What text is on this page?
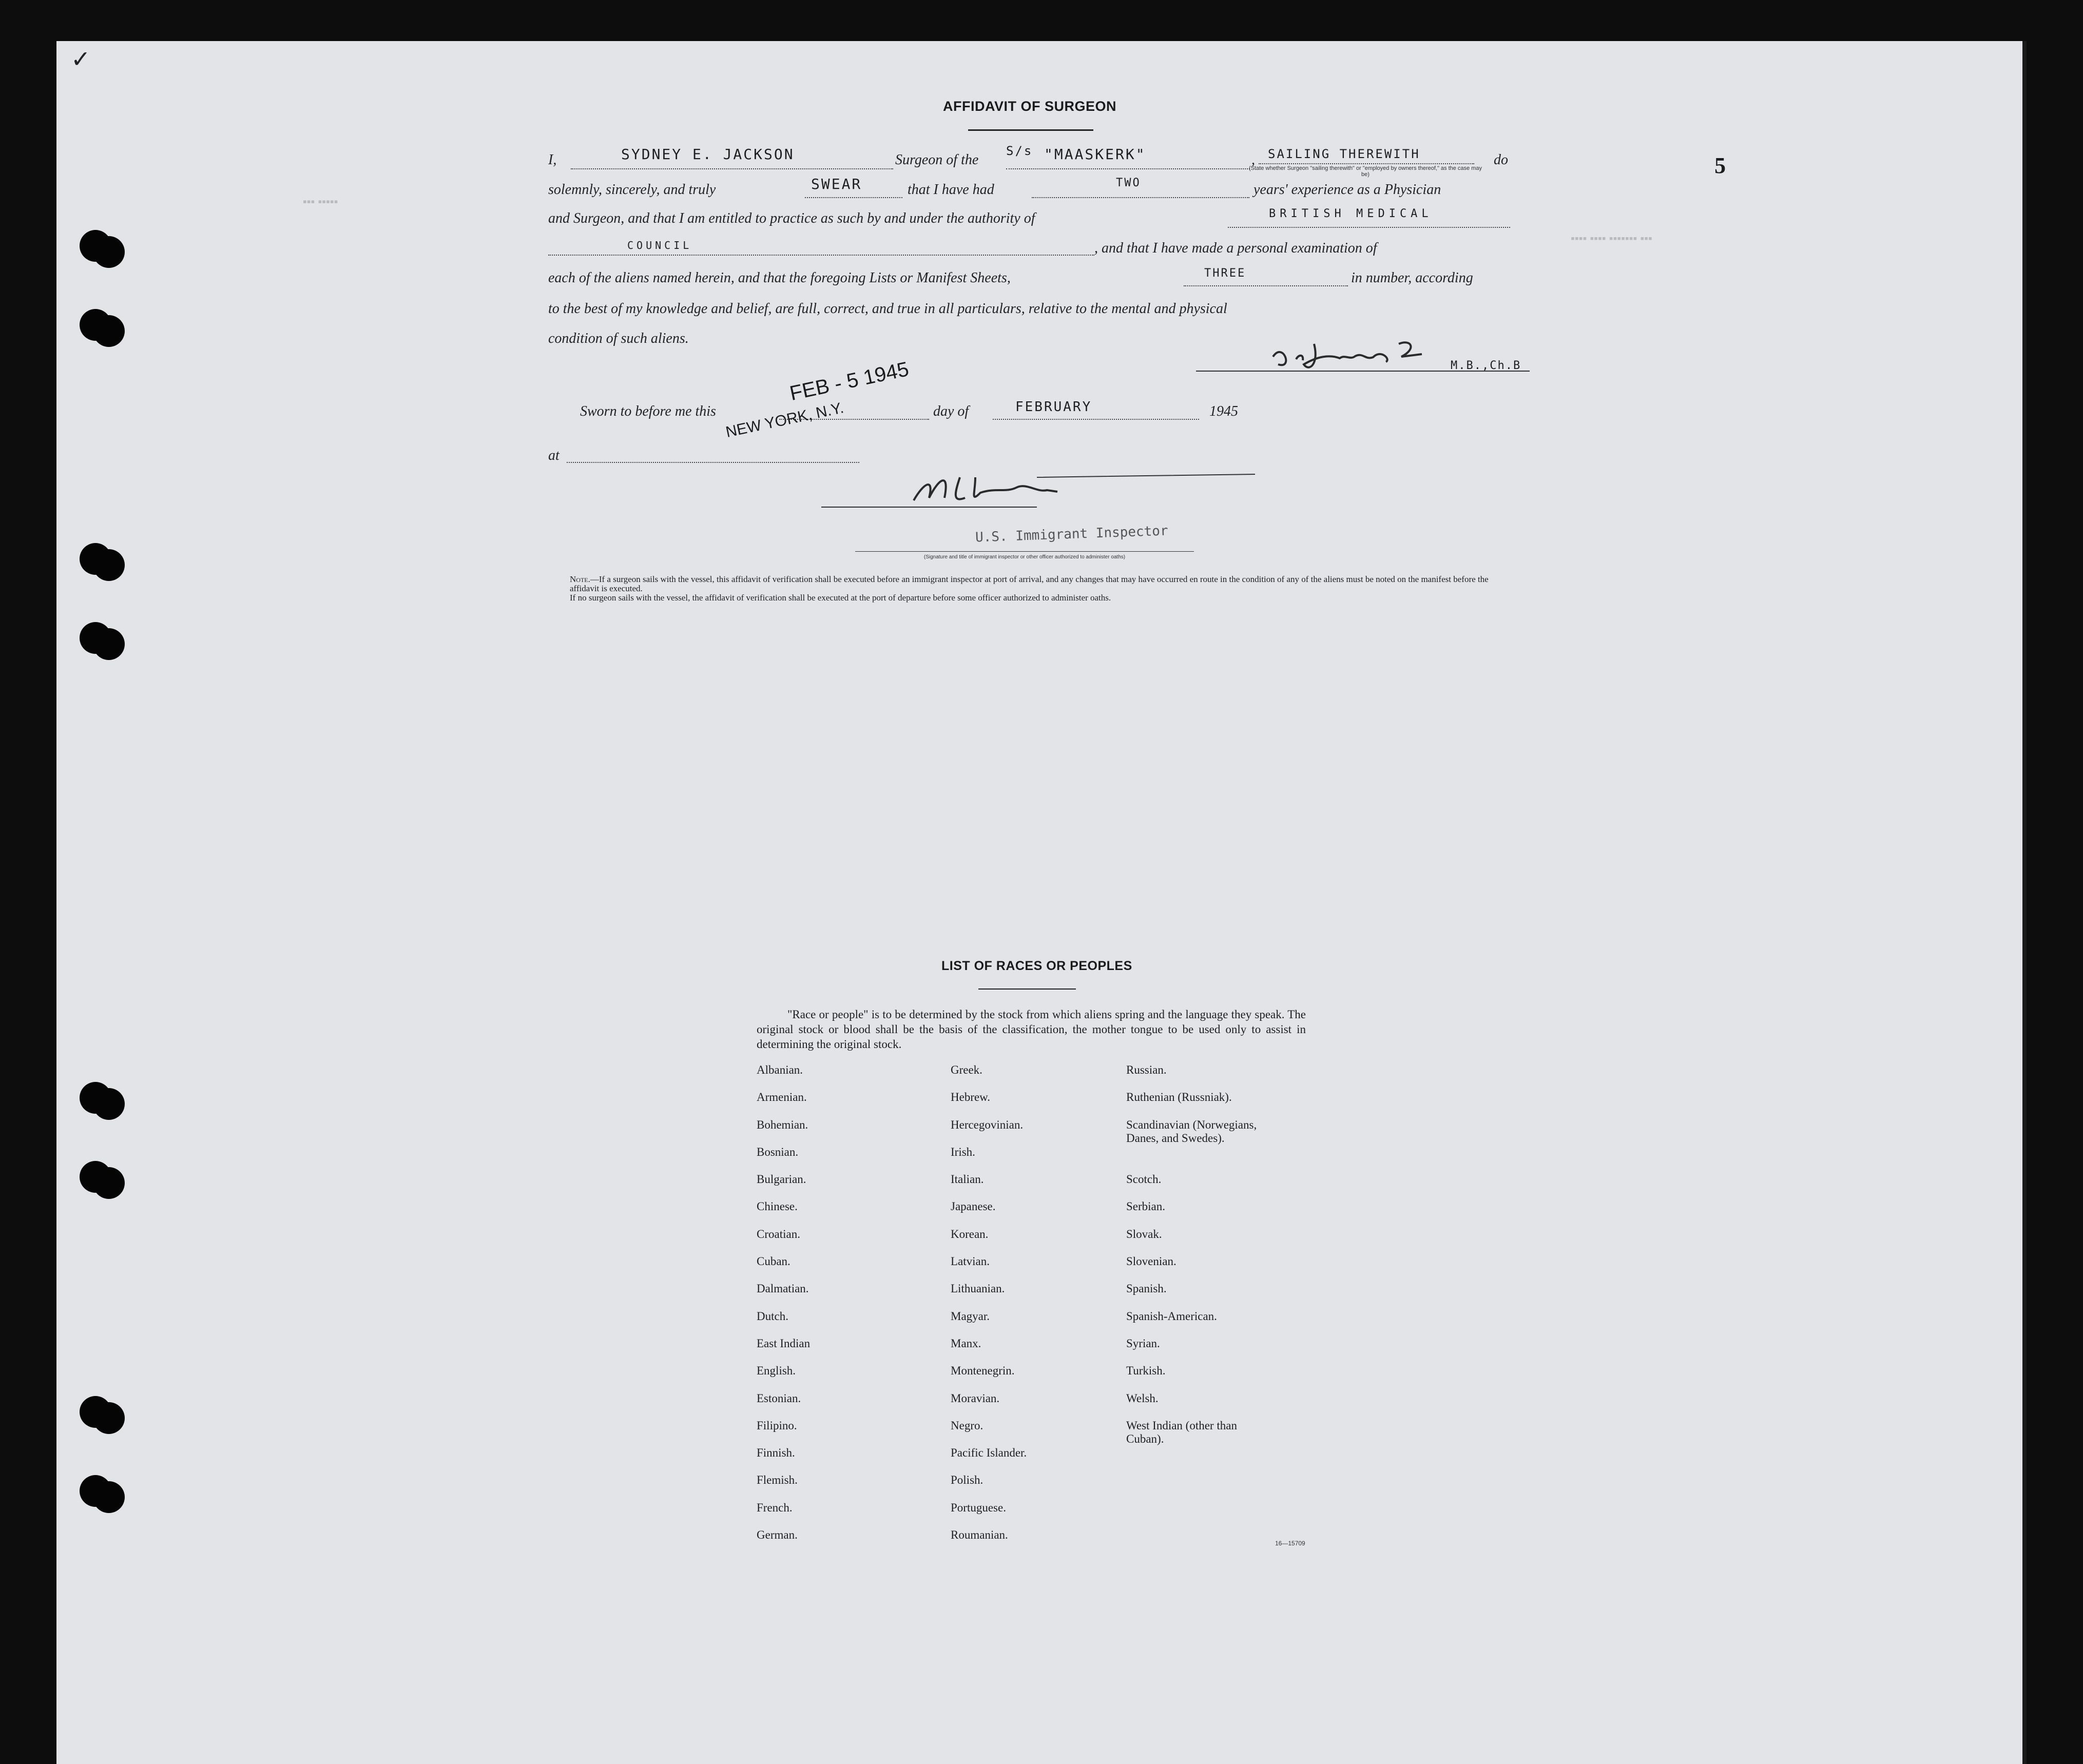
✓
5
▪▪▪ ▪▪▪▪▪▪▪ ▪▪▪▪ ▪▪▪▪
▪▪▪ ▪▪▪▪▪
AFFIDAVIT OF SURGEON
I,	SYDNEY E. JACKSON	Surgeon of the
S/s "MAASKERK"	, SAILING THEREWITH
(State whether Surgeon "sailing therewith" or "employed by owners thereof," as the case may be)
do
solemnly, sincerely, and truly	SWEAR	that I have had	TWO	years' experience as a Physician
and Surgeon, and that I am entitled to practice as such by and under the authority of	BRITISH MEDICAL
COUNCIL	, and that I have made a personal examination of
each of the aliens named herein, and that the foregoing Lists or Manifest Sheets,	THREE	in number, according
to the best of my knowledge and belief, are full, correct, and true in all particulars, relative to the mental and physical
condition of such aliens.
M.B.,Ch.B
Sworn to before me this
FEB - 5 1945
NEW YORK, N.Y.	day of	FEBRUARY	1945
at
U.S. Immigrant Inspector
(Signature and title of immigrant inspector or other officer authorized to administer oaths)
Note.—If a surgeon sails with the vessel, this affidavit of verification shall be executed before an immigrant inspector at port of arrival, and any changes that may have occurred en route in the condition of any of the aliens must be noted on the manifest before the affidavit is executed.
If no surgeon sails with the vessel, the affidavit of verification shall be executed at the port of departure before some officer authorized to administer oaths.
LIST OF RACES OR PEOPLES
"Race or people" is to be determined by the stock from which aliens spring and the language they speak. The original stock or blood shall be the basis of the classification, the mother tongue to be used only to assist in determining the original stock.
Albanian.
Armenian.
Bohemian.
Bosnian.
Bulgarian.
Chinese.
Croatian.
Cuban.
Dalmatian.
Dutch.
East Indian
English.
Estonian.
Filipino.
Finnish.
Flemish.
French.
German.
Greek.
Hebrew.
Hercegovinian.
Irish.
Italian.
Japanese.
Korean.
Latvian.
Lithuanian.
Magyar.
Manx.
Montenegrin.
Moravian.
Negro.
Pacific Islander.
Polish.
Portuguese.
Roumanian.
Russian.
Ruthenian (Russniak).
Scandinavian (Norwegians,
Danes, and Swedes).
Scotch.
Serbian.
Slovak.
Slovenian.
Spanish.
Spanish-American.
Syrian.
Turkish.
Welsh.
West Indian (other than
Cuban).
16—15709
